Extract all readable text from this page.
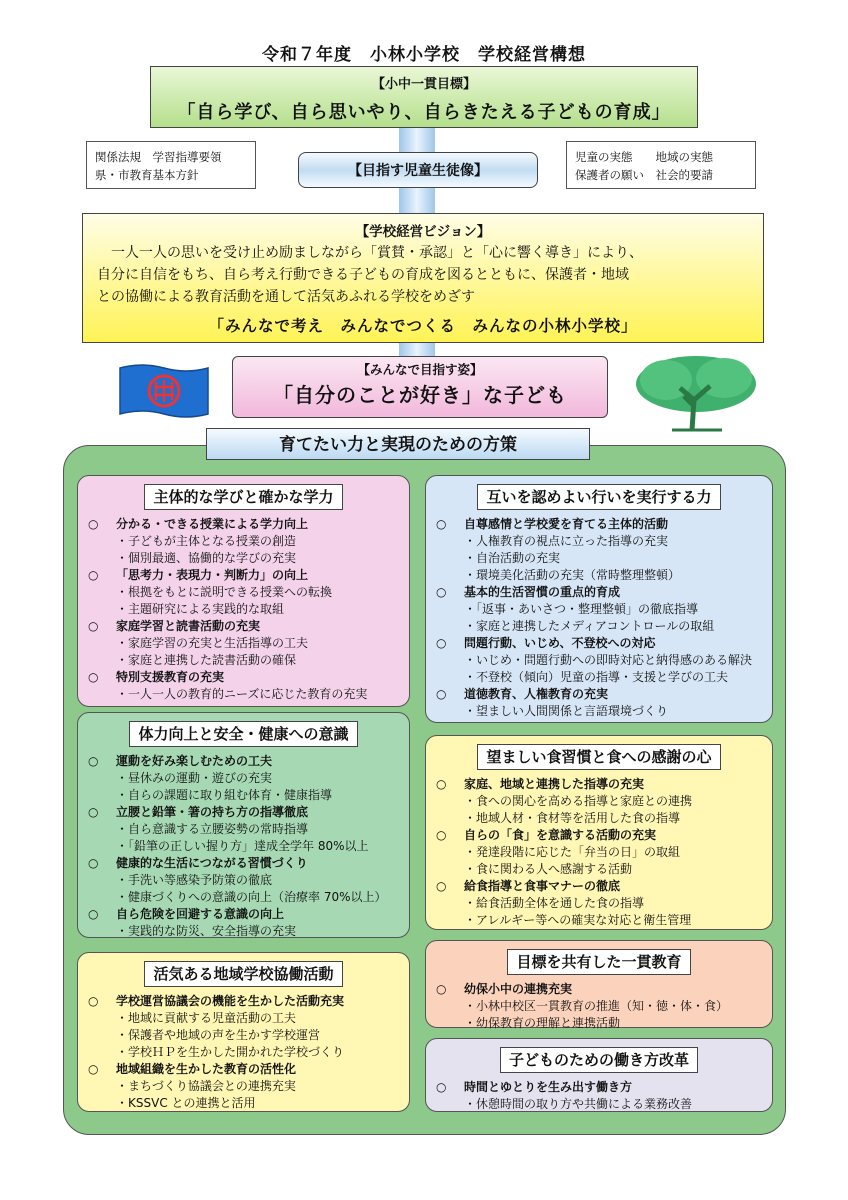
令和７年度　小林小学校　学校経営構想
【小中一貫目標】
「自ら学び、自ら思いやり、自らきたえる子どもの育成」
関係法規　学習指導要領
県・市教育基本方針
児童の実態　　地域の実態
保護者の願い　社会的要請
【目指す児童生徒像】
【学校経営ビジョン】
　一人一人の思いを受け止め励ましながら「賞賛・承認」と「心に響く導き」により、
自分に自信をもち、自ら考え行動できる子どもの育成を図るとともに、保護者・地域
との協働による教育活動を通して活気あふれる学校をめざす
「みんなで考え　みんなでつくる　みんなの小林小学校」
【みんなで目指す姿】
「自分のことが好き」な子ども
育てたい力と実現のための方策
主体的な学びと確かな学力
○ 分かる・できる授業による学力向上
・ 子どもが主体となる授業の創造
・ 個別最適、協働的な学びの充実
○ 「思考力・表現力・判断力」の向上
・ 根拠をもとに説明できる授業への転換
・ 主題研究による実践的な取組
○ 家庭学習と読書活動の充実
・ 家庭学習の充実と生活指導の工夫
・ 家庭と連携した読書活動の確保
○ 特別支援教育の充実
・ 一人一人の教育的ニーズに応じた教育の充実
互いを認めよい行いを実行する力
○ 自尊感情と学校愛を育てる主体的活動
・ 人権教育の視点に立った指導の充実
・ 自治活動の充実
・ 環境美化活動の充実（常時整理整頓）
○ 基本的生活習慣の重点的育成
・ 「返事・あいさつ・整理整頓」の徹底指導
・ 家庭と連携したメディアコントロールの取組
○ 問題行動、いじめ、不登校への対応
・ いじめ・問題行動への即時対応と納得感のある解決
・ 不登校（傾向）児童の指導・支援と学びの工夫
○ 道徳教育、人権教育の充実
・ 望ましい人間関係と言語環境づくり
体力向上と安全・健康への意識
○ 運動を好み楽しむための工夫
・ 昼休みの運動・遊びの充実
・ 自らの課題に取り組む体育・健康指導
○ 立腰と鉛筆・箸の持ち方の指導徹底
・ 自ら意識する立腰姿勢の常時指導
・ 「鉛筆の正しい握り方」達成全学年 80%以上
○ 健康的な生活につながる習慣づくり
・ 手洗い等感染予防策の徹底
・ 健康づくりへの意識の向上（治療率 70%以上）
○ 自ら危険を回避する意識の向上
・ 実践的な防災、安全指導の充実
望ましい食習慣と食への感謝の心
○ 家庭、地域と連携した指導の充実
・ 食への関心を高める指導と家庭との連携
・ 地域人材・食材等を活用した食の指導
○ 自らの「食」を意識する活動の充実
・ 発達段階に応じた「弁当の日」の取組
・ 食に関わる人へ感謝する活動
○ 給食指導と食事マナーの徹底
・ 給食活動全体を通した食の指導
・ アレルギー等への確実な対応と衛生管理
活気ある地域学校協働活動
○ 学校運営協議会の機能を生かした活動充実
・ 地域に貢献する児童活動の工夫
・ 保護者や地域の声を生かす学校運営
・ 学校ＨＰを生かした開かれた学校づくり
○ 地域組織を生かした教育の活性化
・ まちづくり協議会との連携充実
・ KSSVC との連携と活用
目標を共有した一貫教育
○ 幼保小中の連携充実
・ 小林中校区一貫教育の推進（知・徳・体・食）
・ 幼保教育の理解と連携活動
子どものための働き方改革
○ 時間とゆとりを生み出す働き方
・ 休憩時間の取り方や共働による業務改善
